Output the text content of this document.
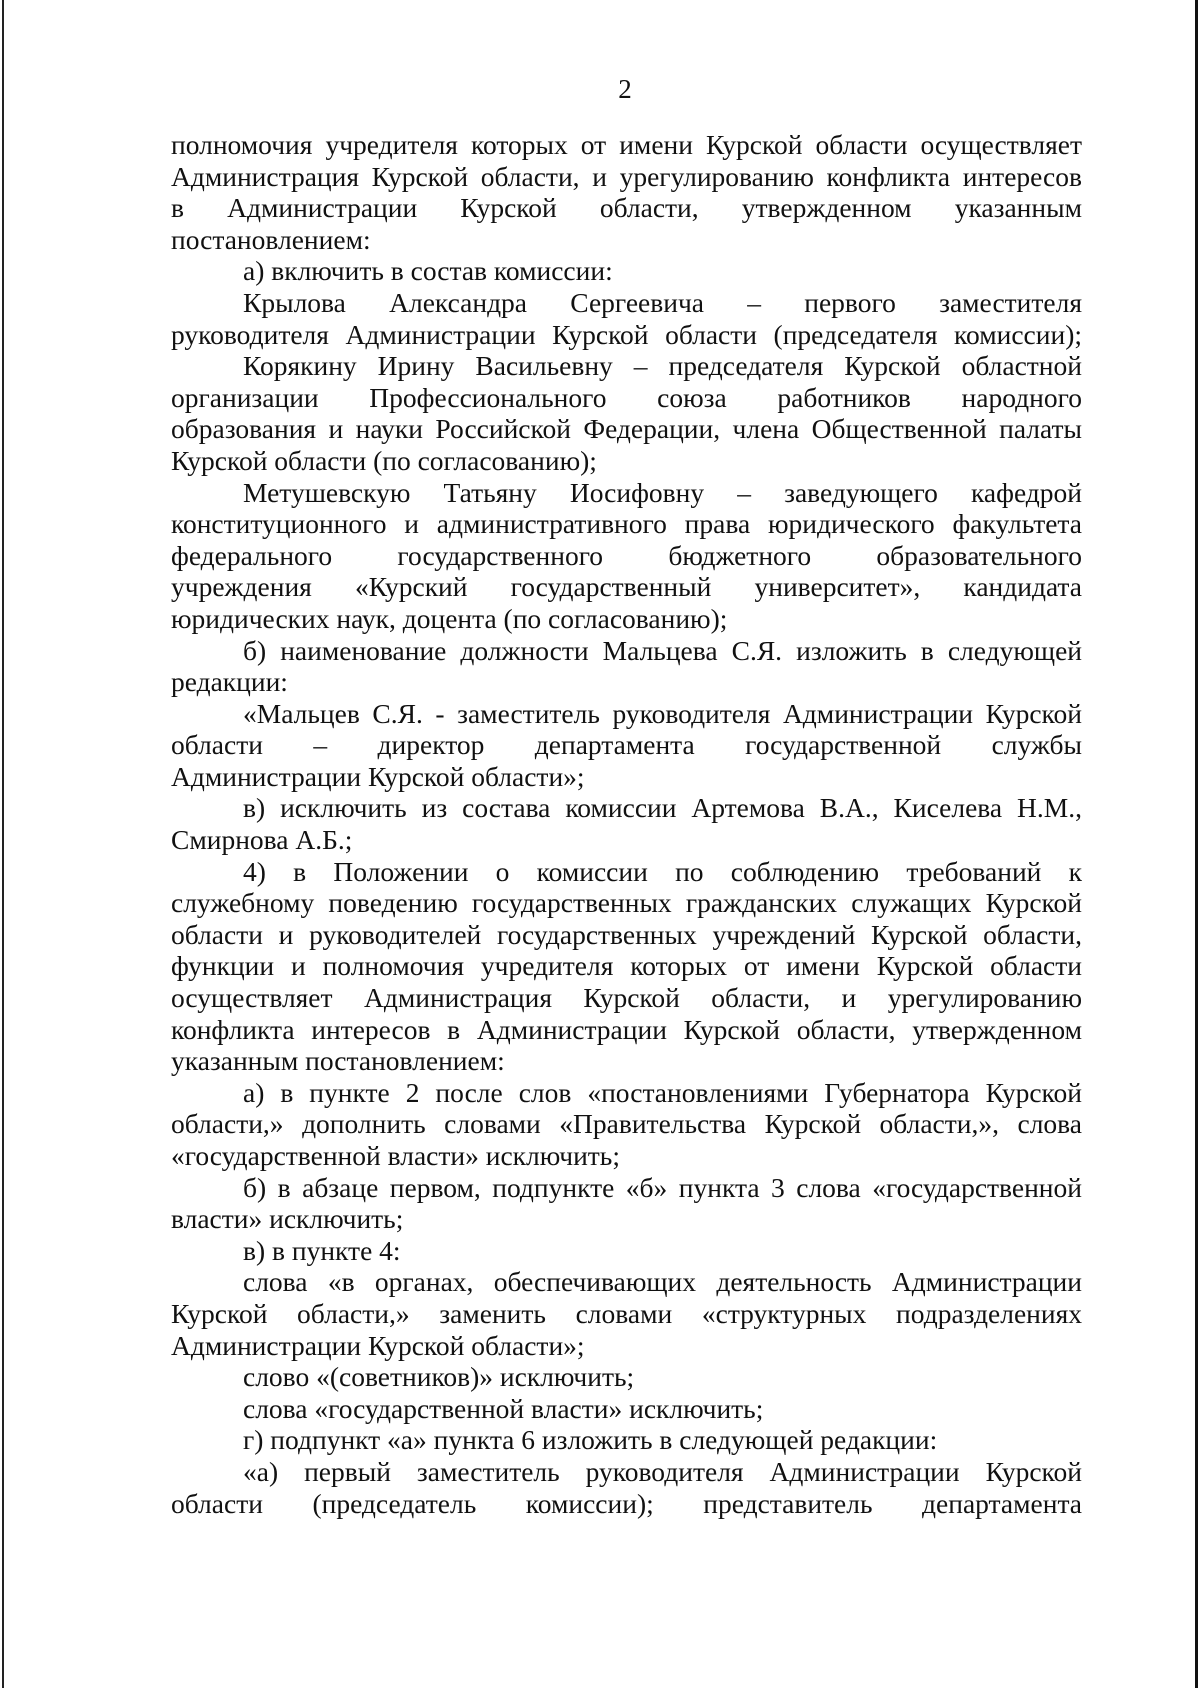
2
полномочия учредителя которых от имени Курской области осуществляет
Администрация Курской области, и урегулированию конфликта интересов
в Администрации Курской области, утвержденном указанным
постановлением:
а) включить в состав комиссии:
Крылова Александра Сергеевича – первого заместителя
руководителя Администрации Курской области (председателя комиссии);
Корякину Ирину Васильевну – председателя Курской областной
организации Профессионального союза работников народного
образования и науки Российской Федерации, члена Общественной палаты
Курской области (по согласованию);
Метушевскую Татьяну Иосифовну – заведующего кафедрой
конституционного и административного права юридического факультета
федерального государственного бюджетного образовательного
учреждения «Курский государственный университет», кандидата
юридических наук, доцента (по согласованию);
б) наименование должности Мальцева С.Я. изложить в следующей
редакции:
«Мальцев С.Я. - заместитель руководителя Администрации Курской
области – директор департамента государственной службы
Администрации Курской области»;
в) исключить из состава комиссии Артемова В.А., Киселева Н.М.,
Смирнова А.Б.;
4) в Положении о комиссии по соблюдению требований к
служебному поведению государственных гражданских служащих Курской
области и руководителей государственных учреждений Курской области,
функции и полномочия учредителя которых от имени Курской области
осуществляет Администрация Курской области, и урегулированию
конфликта интересов в Администрации Курской области, утвержденном
указанным постановлением:
а) в пункте 2 после слов «постановлениями Губернатора Курской
области,» дополнить словами «Правительства Курской области,», слова
«государственной власти» исключить;
б) в абзаце первом, подпункте «б» пункта 3 слова «государственной
власти» исключить;
в) в пункте 4:
слова «в органах, обеспечивающих деятельность Администрации
Курской области,» заменить словами «структурных подразделениях
Администрации Курской области»;
слово «(советников)» исключить;
слова «государственной власти» исключить;
г) подпункт «а» пункта 6 изложить в следующей редакции:
«а) первый заместитель руководителя Администрации Курской
области (председатель комиссии); представитель департамента
